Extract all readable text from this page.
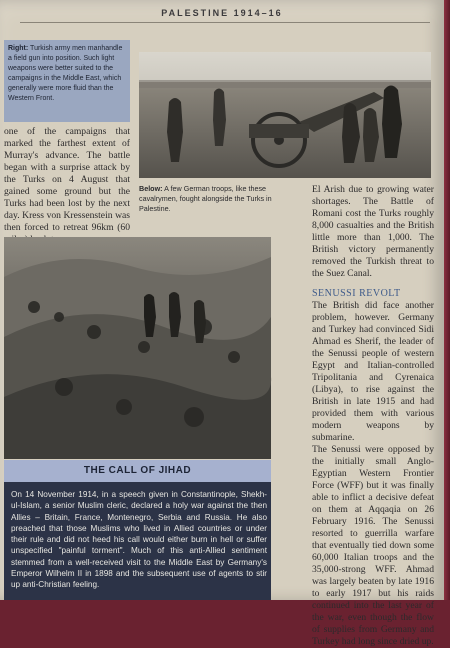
PALESTINE 1914–16
Right: Turkish army men manhandle a field gun into position. Such light weapons were better suited to the campaigns in the Middle East, which generally were more fluid than the Western Front.
one of the campaigns that marked the farthest extent of Murray's advance. The battle began with a surprise attack by the Turks on 4 August that gained some ground but the Turks had been lost by the next day. Kress von Kressenstein was then forced to retreat 96km (60
Below: A few German troops, like these cavalrymen, fought alongside the Turks in Palestine.

El Arish due to growing water shortages. The Battle of Romani cost the Turks roughly 8,000 casualties and the British little more than 1,000. The British victory permanently removed the Turkish threat to the Suez Canal.

SENUSSI REVOLT

The British did face another problem, however. Germany and Turkey had convinced Sidi Ahmad es Sherif, the leader of the Senussi people of western Egypt and Italian-controlled Tripolitania and Cyrenaica (Libya), to rise against the British in late 1915 and had provided them with various modern weapons by submarine.

The Senussi were opposed by the initially small Anglo-Egyptian Western Frontier Force (WFF) but it was finally able to inflict a decisive defeat on them at Aqqaqia on 26 February 1916. The Senussi resorted to guerrilla warfare that eventually tied down some 60,000 Italian troops and the 35,000-strong WFF. Ahmad was largely beaten by late 1916 to early 1917 but his raids continued into the last year of the war, even though the flow of supplies from Germany and Turkey had long since dried up.

THE CALL OF JIHAD
On 14 November 1914, in a speech given in Constantinople, Shekh-ul-Islam, a senior Muslim cleric, declared a holy war against the then Allies – Britain, France, Montenegro, Serbia and Russia. He also preached that those Muslims who lived in Allied countries or under their rule and did not heed his call would either burn in hell or suffer unspecified "painful torment". Much of this anti-Allied sentiment stemmed from a well-received visit to the Middle East by Germany's Emperor Wilhelm II in 1898 and the subsequent use of agents to stir up anti-Christian feeling.
